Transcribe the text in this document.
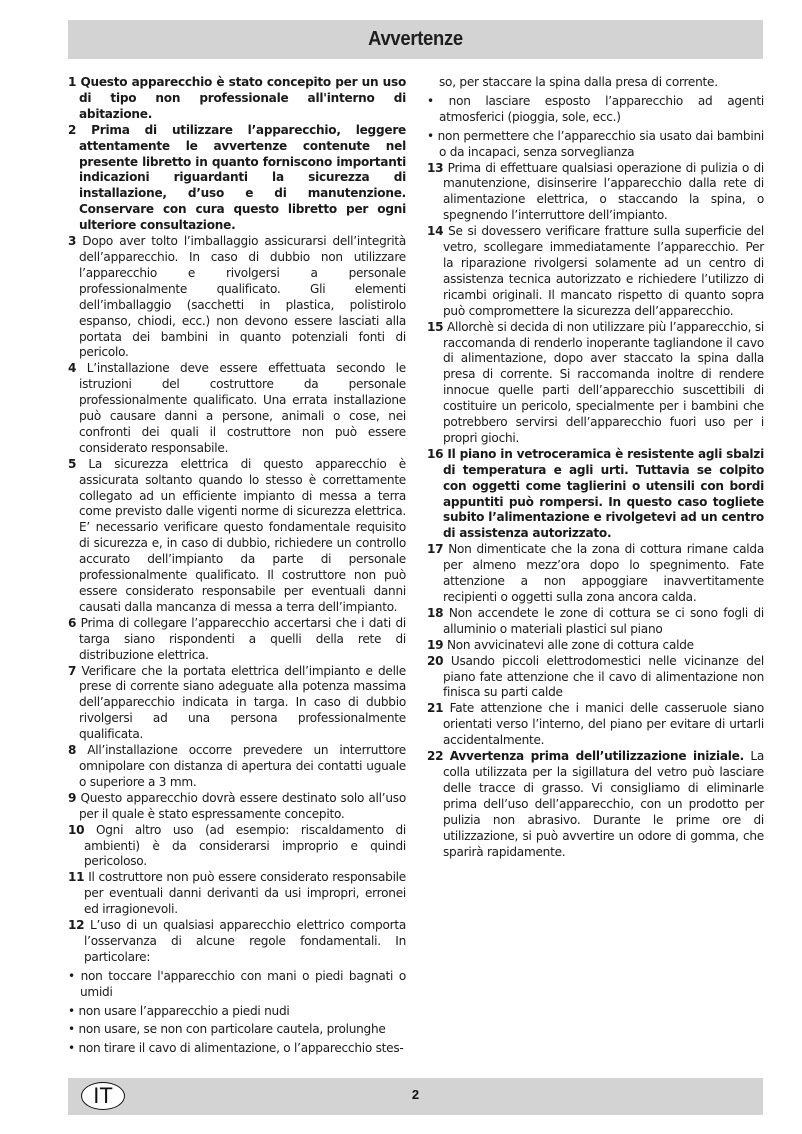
Avvertenze
1 Questo apparecchio è stato concepito per un uso di tipo non professionale all'interno di abitazione.
2 Prima di utilizzare l’apparecchio, leggere attentamente le avvertenze contenute nel presente libretto in quanto forniscono importanti indicazioni riguardanti la sicurezza di installazione, d’uso e di manutenzione. Conservare con cura questo libretto per ogni ulteriore consultazione.
3 Dopo aver tolto l’imballaggio assicurarsi dell’integrità dell’apparecchio. In caso di dubbio non utilizzare l’apparecchio e rivolgersi a personale professionalmente qualificato. Gli elementi dell’imballaggio (sacchetti in plastica, polistirolo espanso, chiodi, ecc.) non devono essere lasciati alla portata dei bambini in quanto potenziali fonti di pericolo.
4 L’installazione deve essere effettuata secondo le istruzioni del costruttore da personale professionalmente qualificato. Una errata installazione può causare danni a persone, animali o cose, nei confronti dei quali il costruttore non può essere considerato responsabile.
5 La sicurezza elettrica di questo apparecchio è assicurata soltanto quando lo stesso è correttamente collegato ad un efficiente impianto di messa a terra come previsto dalle vigenti norme di sicurezza elettrica. E’ necessario verificare questo fondamentale requisito di sicurezza e, in caso di dubbio, richiedere un controllo accurato dell’impianto da parte di personale professionalmente qualificato. Il costruttore non può essere considerato responsabile per eventuali danni causati dalla mancanza di messa a terra dell’impianto.
6 Prima di collegare l’apparecchio accertarsi che i dati di targa siano rispondenti a quelli della rete di distribuzione elettrica.
7 Verificare che la portata elettrica dell’impianto e delle prese di corrente siano adeguate alla potenza massima dell’apparecchio indicata in targa. In caso di dubbio rivolgersi ad una persona professionalmente qualificata.
8 All’installazione occorre prevedere un interruttore omnipolare con distanza di apertura dei contatti uguale o superiore a 3 mm.
9 Questo apparecchio dovrà essere destinato solo all’uso per il quale è stato espressamente concepito.
10 Ogni altro uso (ad esempio: riscaldamento di ambienti) è da considerarsi improprio e quindi pericoloso.
11 Il costruttore non può essere considerato responsabile per eventuali danni derivanti da usi impropri, erronei ed irragionevoli.
12 L’uso di un qualsiasi apparecchio elettrico comporta l’osservanza di alcune regole fondamentali. In particolare:
• non toccare l'apparecchio con mani o piedi bagnati o umidi
• non usare l’apparecchio a piedi nudi
• non usare, se non con particolare cautela, prolunghe
• non tirare il cavo di alimentazione, o l’apparecchio stes-
so, per staccare la spina dalla presa di corrente.
• non lasciare esposto l’apparecchio ad agenti atmosferici (pioggia, sole, ecc.)
• non permettere che l’apparecchio sia usato dai bambini o da incapaci, senza sorveglianza
13 Prima di effettuare qualsiasi operazione di pulizia o di manutenzione, disinserire l’apparecchio dalla rete di alimentazione elettrica, o staccando la spina, o spegnendo l’interruttore dell’impianto.
14 Se si dovessero verificare fratture sulla superficie del vetro, scollegare immediatamente l’apparecchio. Per la riparazione rivolgersi solamente ad un centro di assistenza tecnica autorizzato e richiedere l’utilizzo di ricambi originali. Il mancato rispetto di quanto sopra può compromettere la sicurezza dell’apparecchio.
15 Allorchè si decida di non utilizzare più l’apparecchio, si raccomanda di renderlo inoperante tagliandone il cavo di alimentazione, dopo aver staccato la spina dalla presa di corrente. Si raccomanda inoltre di rendere innocue quelle parti dell’apparecchio suscettibili di costituire un pericolo, specialmente per i bambini che potrebbero servirsi dell’apparecchio fuori uso per i propri giochi.
16 Il piano in vetroceramica è resistente agli sbalzi di temperatura e agli urti. Tuttavia se colpito con oggetti come taglierini o utensili con bordi appuntiti può rompersi. In questo caso togliete subito l’alimentazione e rivolgetevi ad un centro di assistenza autorizzato.
17 Non dimenticate che la zona di cottura rimane calda per almeno mezz’ora dopo lo spegnimento. Fate attenzione a non appoggiare inavvertitamente recipienti o oggetti sulla zona ancora calda.
18 Non accendete le zone di cottura se ci sono fogli di alluminio o materiali plastici sul piano
19 Non avvicinatevi alle zone di cottura calde
20 Usando piccoli elettrodomestici nelle vicinanze del piano fate attenzione che il cavo di alimentazione non finisca su parti calde
21 Fate attenzione che i manici delle casseruole siano orientati verso l’interno, del piano per evitare di urtarli accidentalmente.
22 Avvertenza prima dell’utilizzazione iniziale. La colla utilizzata per la sigillatura del vetro può lasciare delle tracce di grasso. Vi consigliamo di eliminarle prima dell’uso dell’apparecchio, con un prodotto per pulizia non abrasivo. Durante le prime ore di utilizzazione, si può avvertire un odore di gomma, che sparirà rapidamente.
IT	2
